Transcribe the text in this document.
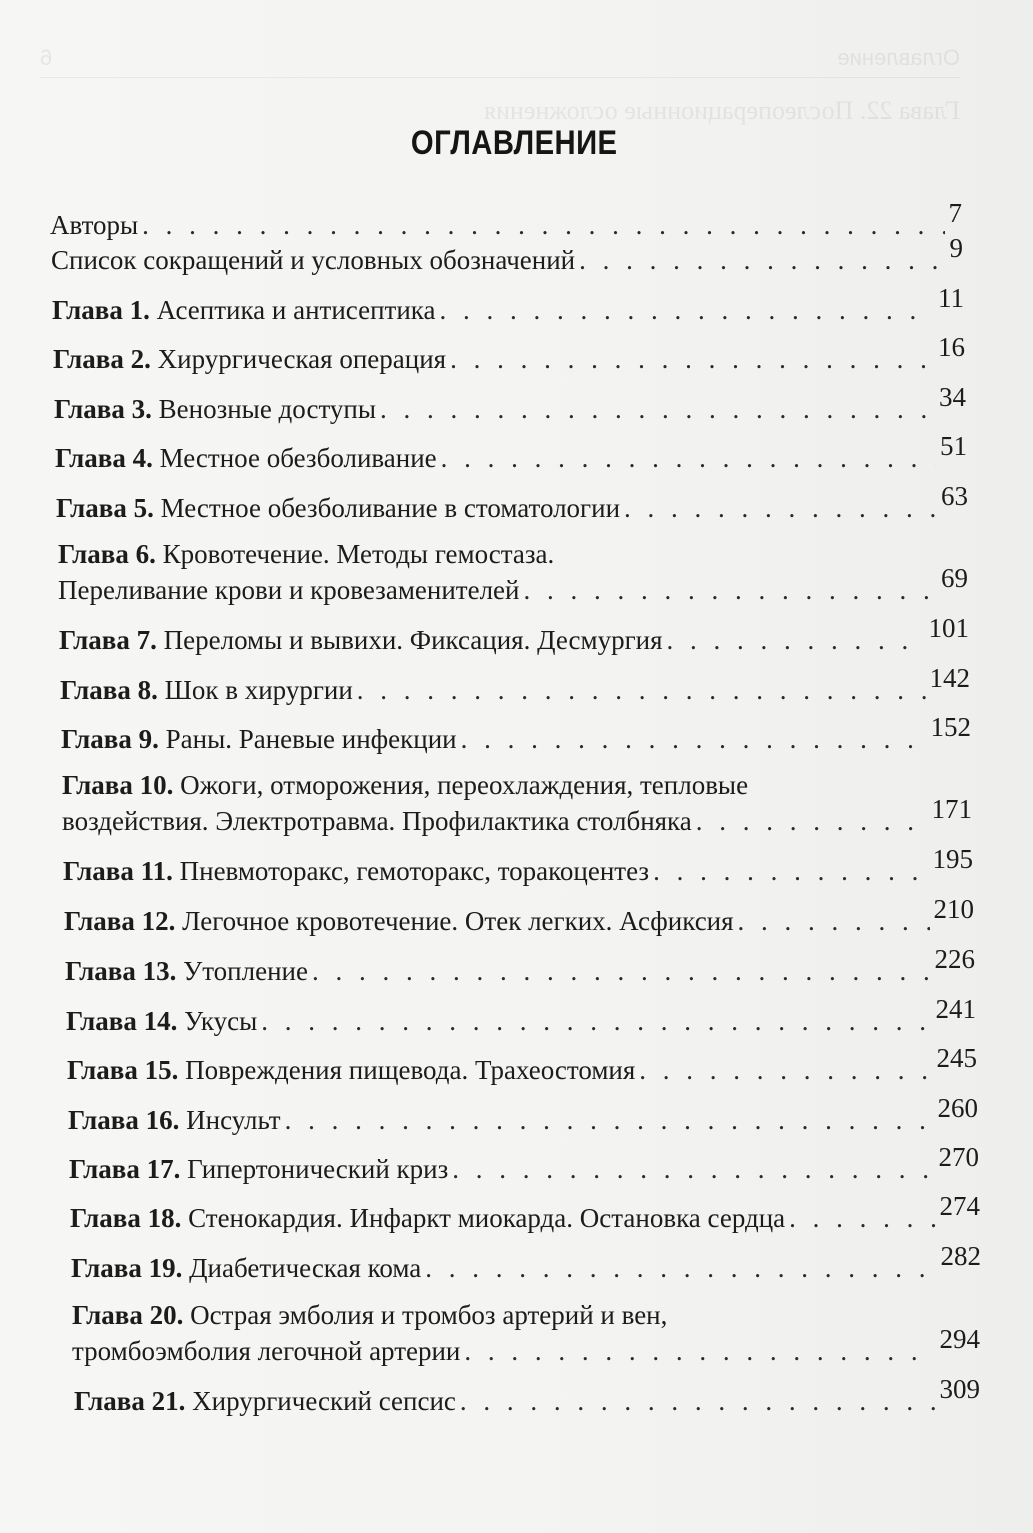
Оглавление
6
Глава 22. Послеоперационные осложнения
ОГЛАВЛЕНИЕ
Авторы . . .	7
Список сокращений и условных обозначений . . .	9
Глава 1. Асептика и антисептика . . .	11
Глава 2. Хирургическая операция . . .	16
Глава 3. Венозные доступы . . .	34
Глава 4. Местное обезболивание . . .	51
Глава 5. Местное обезболивание в стоматологии . . .	63
Глава 6. Кровотечение. Методы гемостаза.
Переливание крови и кровезаменителей . . .	69
Глава 7. Переломы и вывихи. Фиксация. Десмургия . . .	101
Глава 8. Шок в хирургии . . .	142
Глава 9. Раны. Раневые инфекции . . .	152
Глава 10. Ожоги, отморожения, переохлаждения, тепловые
воздействия. Электротравма. Профилактика столбняка . . .	171
Глава 11. Пневмоторакс, гемоторакс, торакоцентез . . .	195
Глава 12. Легочное кровотечение. Отек легких. Асфиксия . . .	210
Глава 13. Утопление . . .	226
Глава 14. Укусы . . .	241
Глава 15. Повреждения пищевода. Трахеостомия . . .	245
Глава 16. Инсульт . . .	260
Глава 17. Гипертонический криз . . .	270
Глава 18. Стенокардия. Инфаркт миокарда. Остановка сердца . . .	274
Глава 19. Диабетическая кома . . .	282
Глава 20. Острая эмболия и тромбоз артерий и вен,
тромбоэмболия легочной артерии . . .	294
Глава 21. Хирургический сепсис . . .	309
